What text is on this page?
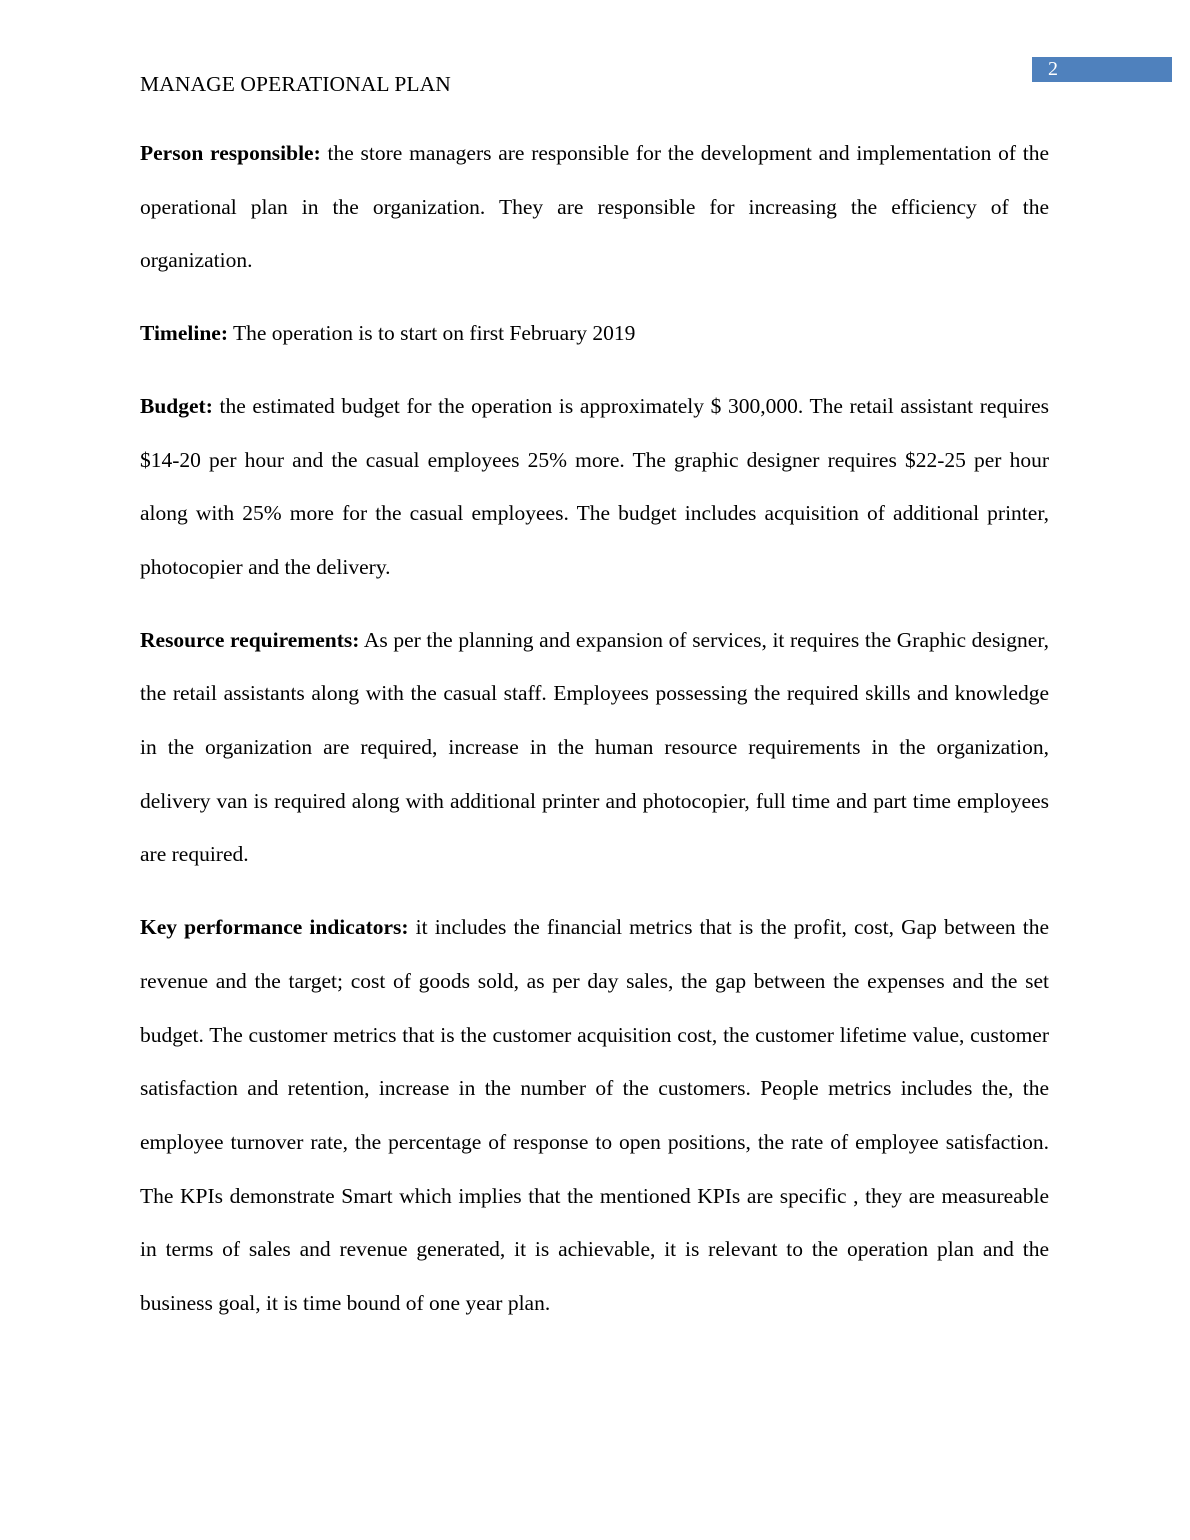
2
MANAGE OPERATIONAL PLAN

Person responsible: the store managers are responsible for the development and implementation of the operational plan in the organization. They are responsible for increasing the efficiency of the organization.

Timeline: The operation is to start on first February 2019

Budget: the estimated budget for the operation is approximately $ 300,000. The retail assistant requires $14-20 per hour and the casual employees 25% more. The graphic designer requires $22-25 per hour along with 25% more for the casual employees. The budget includes acquisition of additional printer, photocopier and the delivery.

Resource requirements: As per the planning and expansion of services, it requires the Graphic designer, the retail assistants along with the casual staff. Employees possessing the required skills and knowledge in the organization are required, increase in the human resource requirements in the organization, delivery van is required along with additional printer and photocopier, full time and part time employees are required.

Key performance indicators: it includes the financial metrics that is the profit, cost, Gap between the revenue and the target; cost of goods sold, as per day sales, the gap between the expenses and the set budget. The customer metrics that is the customer acquisition cost, the customer lifetime value, customer satisfaction and retention, increase in the number of the customers. People metrics includes the, the employee turnover rate, the percentage of response to open positions, the rate of employee satisfaction. The KPIs demonstrate Smart which implies that the mentioned KPIs are specific , they are measureable in terms of sales and revenue generated, it is achievable, it is relevant to the operation plan and the business goal, it is time bound of one year plan.
